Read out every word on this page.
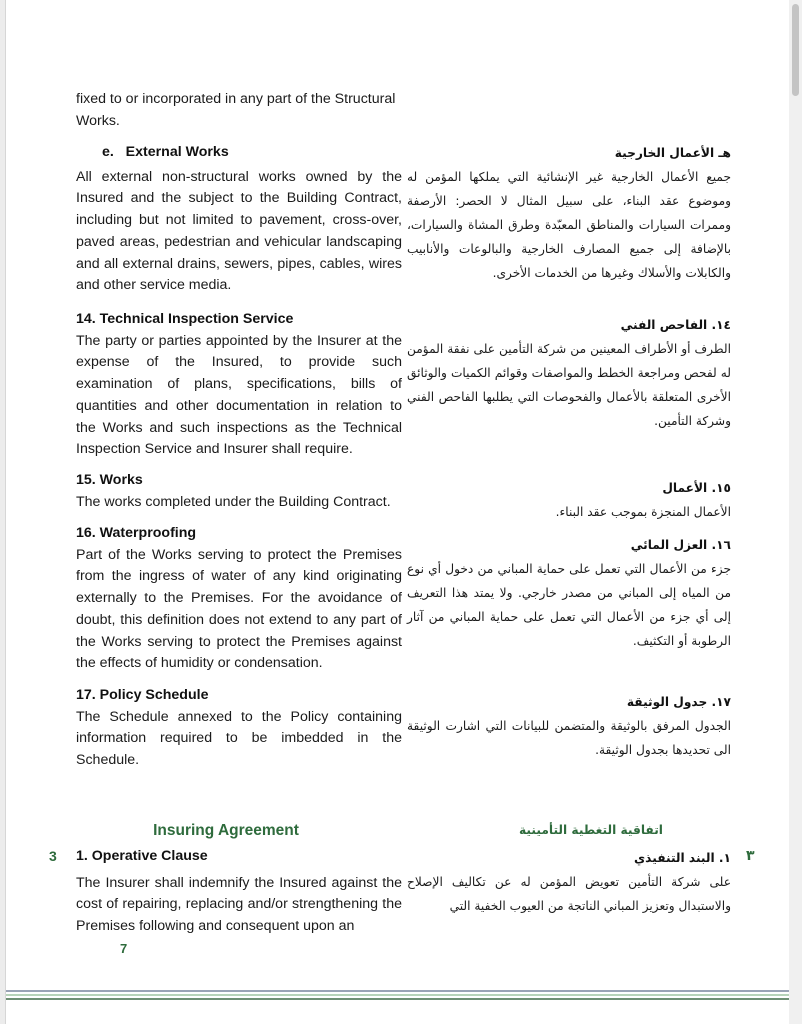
fixed to or incorporated in any part of the Structural Works.

e. External Works

All external non-structural works owned by the Insured and the subject to the Building Contract, including but not limited to pavement, cross-over, paved areas, pedestrian and vehicular landscaping and all external drains, sewers, pipes, cables, wires and other service media.

14. Technical Inspection Service

The party or parties appointed by the Insurer at the expense of the Insured, to provide such examination of plans, specifications, bills of quantities and other documentation in relation to the Works and such inspections as the Technical Inspection Service and Insurer shall require.

15. Works

The works completed under the Building Contract.

16. Waterproofing

Part of the Works serving to protect the Premises from the ingress of water of any kind originating externally to the Premises. For the avoidance of doubt, this definition does not extend to any part of the Works serving to protect the Premises against the effects of humidity or condensation.

17. Policy Schedule

The Schedule annexed to the Policy containing information required to be imbedded in the Schedule.

Insuring Agreement
3 1. Operative Clause

The Insurer shall indemnify the Insured against the cost of repairing, replacing and/or strengthening the Premises following and consequent upon an

هـ الأعمال الخارجية

جميع الأعمال الخارجية غير الإنشائية التي يملكها المؤمن له وموضوع عقد البناء، على سبيل المثال لا الحصر: الأرصفة وممرات السيارات والمناطق المعبّدة وطرق المشاة والسيارات، بالإضافة إلى جميع المصارف الخارجية والبالوعات والأنابيب والكابلات والأسلاك وغيرها من الخدمات الأخرى.

١٤. الفاحص الفني

الطرف أو الأطراف المعينين من شركة التأمين على نفقة المؤمن له لفحص ومراجعة الخطط والمواصفات وقوائم الكميات والوثائق الأخرى المتعلقة بالأعمال والفحوصات التي يطلبها الفاحص الفني وشركة التأمين.

١٥. الأعمال

الأعمال المنجزة بموجب عقد البناء.

١٦. العزل المائي

جزء من الأعمال التي تعمل على حماية المباني من دخول أي نوع من المياه إلى المباني من مصدر خارجي. ولا يمتد هذا التعريف إلى أي جزء من الأعمال التي تعمل على حماية المباني من آثار الرطوبة أو التكثيف.

١٧. جدول الوثيقة

الجدول المرفق بالوثيقة والمتضمن للبيانات التي اشارت الوثيقة الى تحديدها بجدول الوثيقة.

اتفاقية التغطية التأمينية
٣

١. البند التنفيذي

على شركة التأمين تعويض المؤمن له عن تكاليف الإصلاح والاستبدال وتعزيز المباني الناتجة من العيوب الخفية التي

7
